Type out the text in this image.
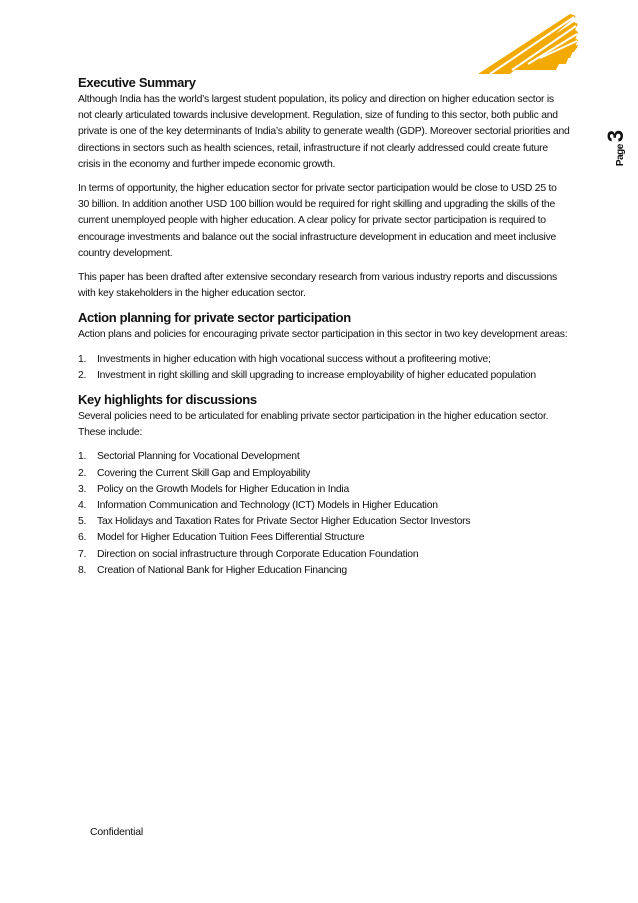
Page3
Executive Summary

Although India has the world’s largest student population, its policy and direction on higher education sector is not clearly articulated towards inclusive development. Regulation, size of funding to this sector, both public and private is one of the key determinants of India’s ability to generate wealth (GDP). Moreover sectorial priorities and directions in sectors such as health sciences, retail, infrastructure if not clearly addressed could create future crisis in the economy and further impede economic growth.

In terms of opportunity, the higher education sector for private sector participation would be close to USD 25 to 30 billion. In addition another USD 100 billion would be required for right skilling and upgrading the skills of the current unemployed people with higher education. A clear policy for private sector participation is required to encourage investments and balance out the social infrastructure development in education and meet inclusive country development.

This paper has been drafted after extensive secondary research from various industry reports and discussions with key stakeholders in the higher education sector.

Action planning for private sector participation

Action plans and policies for encouraging private sector participation in this sector in two key development areas:

1.	Investments in higher education with high vocational success without a profiteering motive;
2.	Investment in right skilling and skill upgrading to increase employability of higher educated population
Key highlights for discussions

Several policies need to be articulated for enabling private sector participation in the higher education sector. These include:

1.	Sectorial Planning for Vocational Development
2.	Covering the Current Skill Gap and Employability
3.	Policy on the Growth Models for Higher Education in India
4.	Information Communication and Technology (ICT) Models in Higher Education
5.	Tax Holidays and Taxation Rates for Private Sector Higher Education Sector Investors
6.	Model for Higher Education Tuition Fees Differential Structure
7.	Direction on social infrastructure through Corporate Education Foundation
8.	Creation of National Bank for Higher Education Financing
Confidential
